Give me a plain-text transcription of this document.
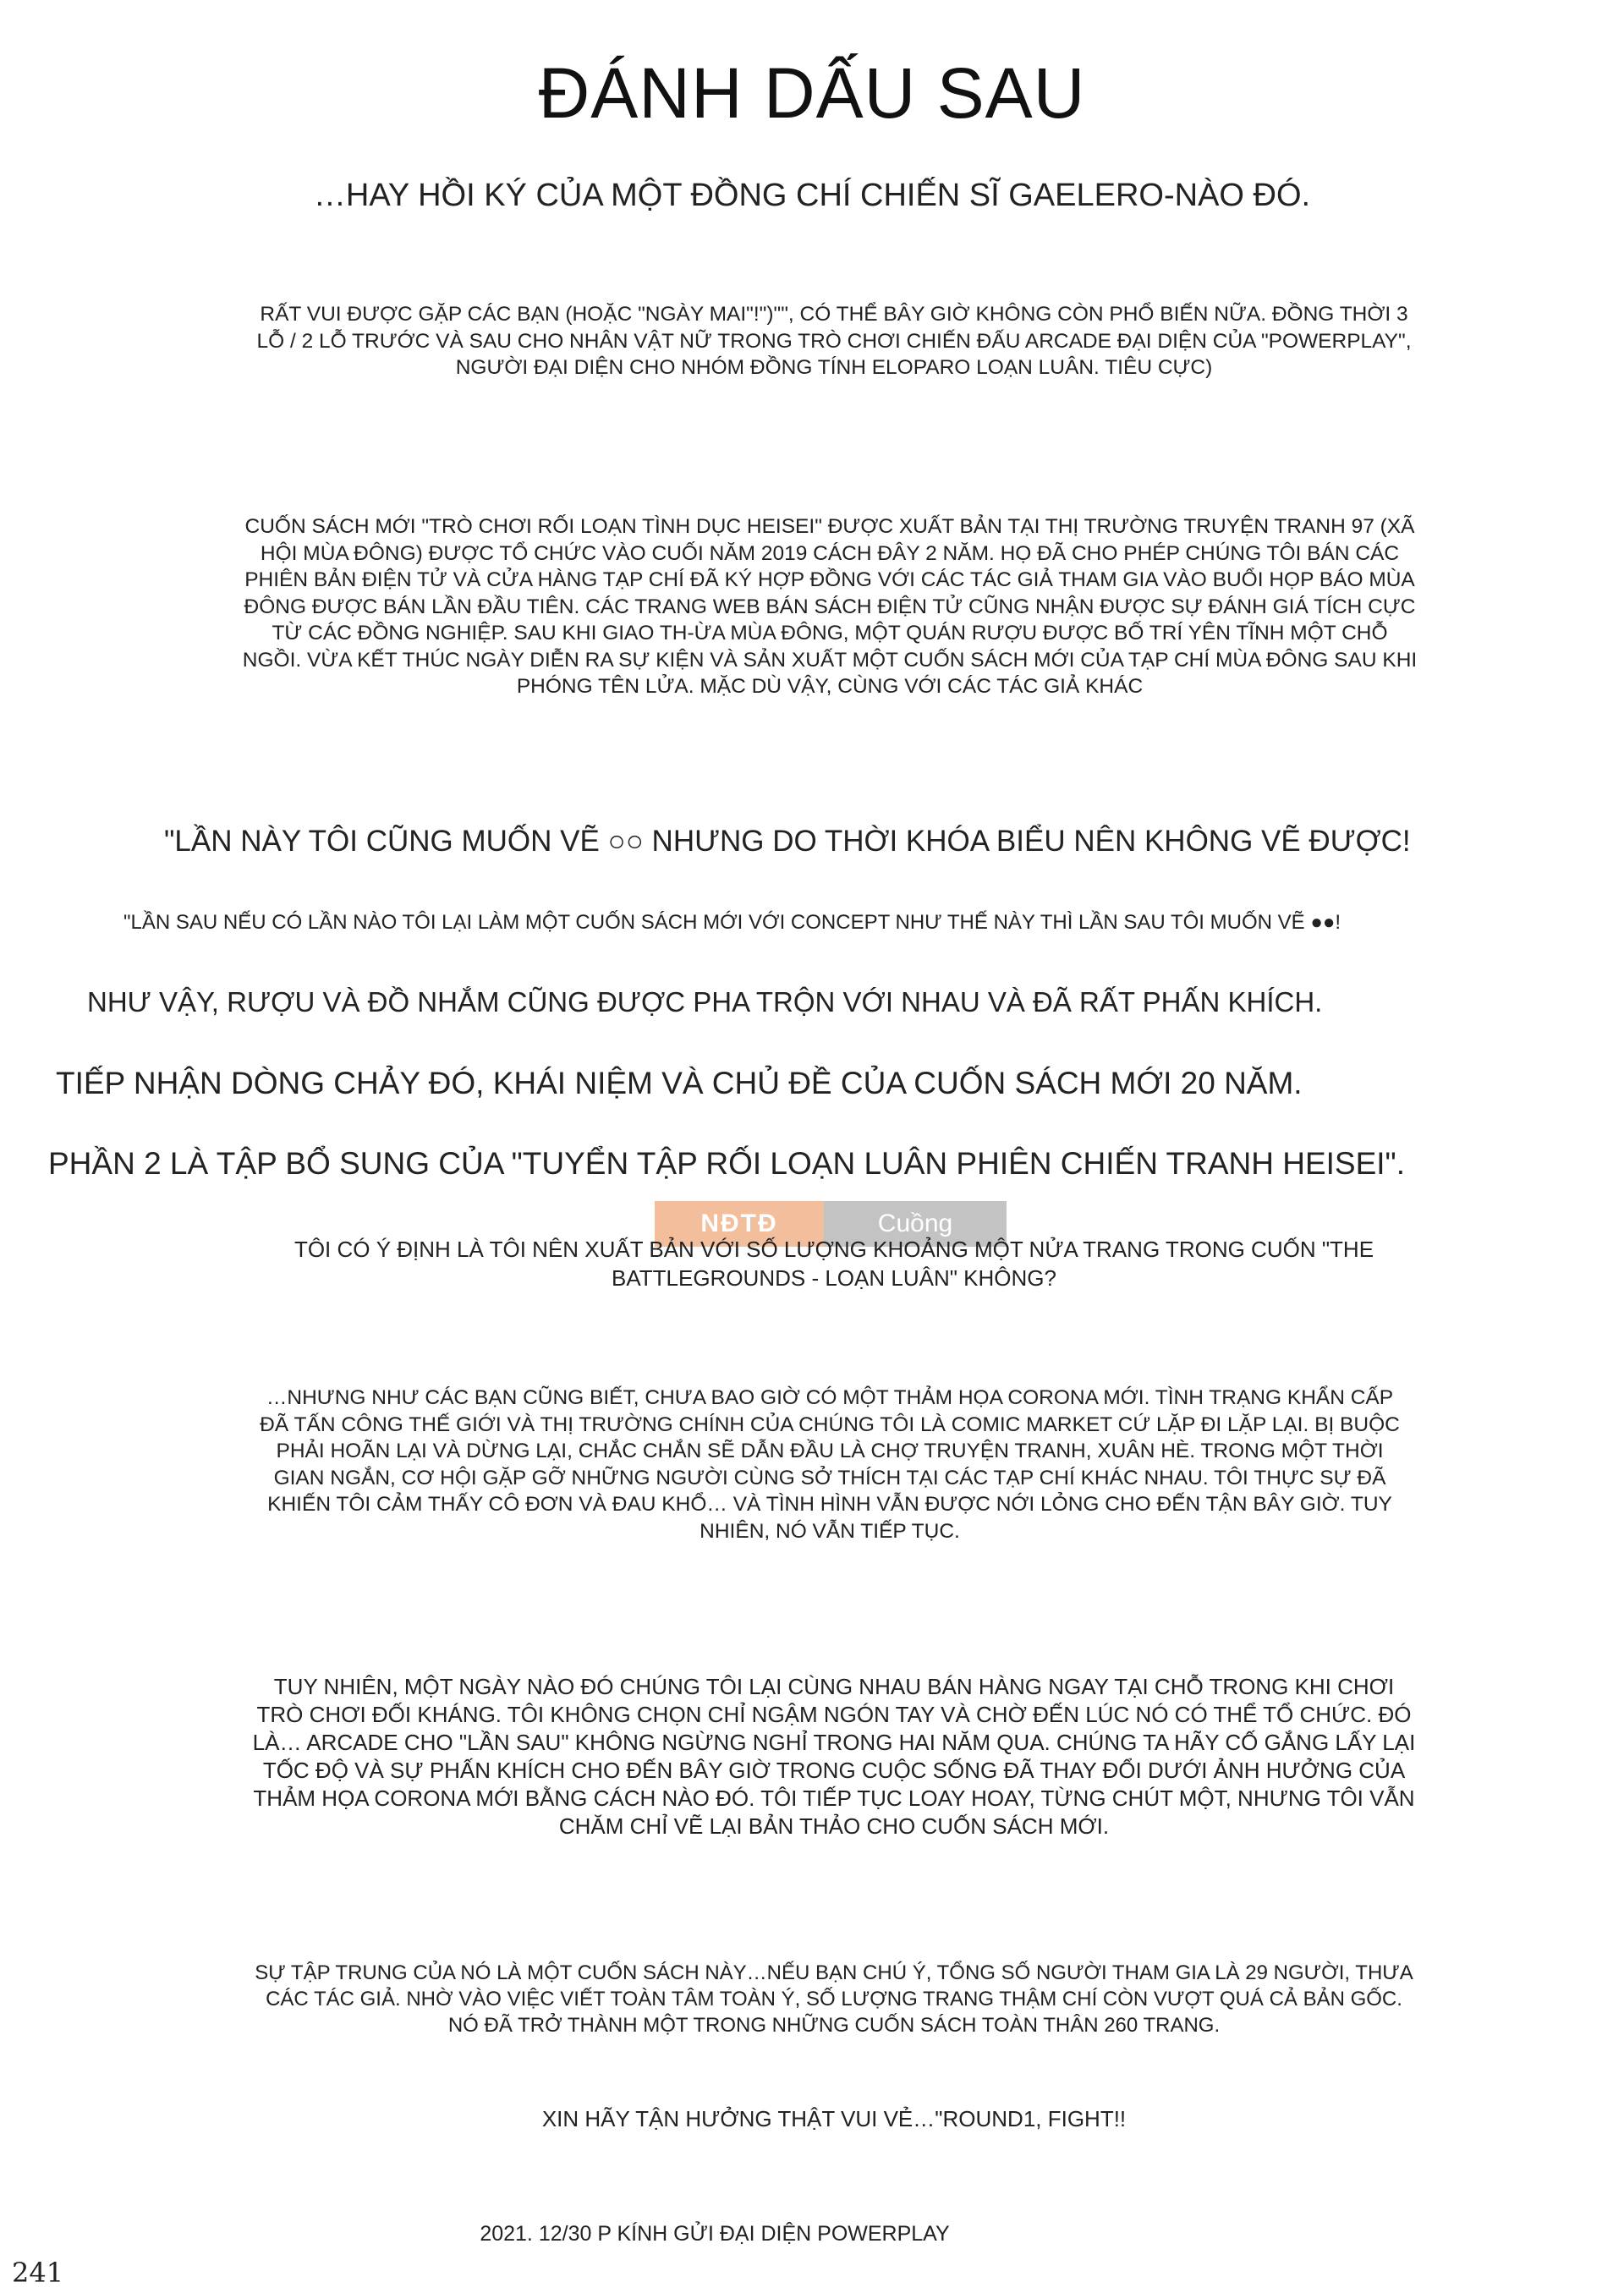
ĐÁNH DẤU SAU
…HAY HỒI KÝ CỦA MỘT ĐỒNG CHÍ CHIẾN SĨ GAELERO-NÀO ĐÓ.
RẤT VUI ĐƯỢC GẶP CÁC BẠN (HOẶC "NGÀY MAI"!")"", CÓ THỂ BÂY GIỜ KHÔNG CÒN PHỔ BIẾN NỮA. ĐỒNG THỜI 3 LỖ / 2 LỖ TRƯỚC VÀ SAU CHO NHÂN VẬT NỮ TRONG TRÒ CHƠI CHIẾN ĐẤU ARCADE ĐẠI DIỆN CỦA "POWERPLAY", NGƯỜI ĐẠI DIỆN CHO NHÓM ĐỒNG TÍNH ELOPARO LOẠN LUÂN. TIÊU CỰC)
CUỐN SÁCH MỚI "TRÒ CHƠI RỐI LOẠN TÌNH DỤC HEISEI" ĐƯỢC XUẤT BẢN TẠI THỊ TRƯỜNG TRUYỆN TRANH 97 (XÃ HỘI MÙA ĐÔNG) ĐƯỢC TỔ CHỨC VÀO CUỐI NĂM 2019 CÁCH ĐÂY 2 NĂM. HỌ ĐÃ CHO PHÉP CHÚNG TÔI BÁN CÁC PHIÊN BẢN ĐIỆN TỬ VÀ CỬA HÀNG TẠP CHÍ ĐÃ KÝ HỢP ĐỒNG VỚI CÁC TÁC GIẢ THAM GIA VÀO BUỔI HỌP BÁO MÙA ĐÔNG ĐƯỢC BÁN LẦN ĐẦU TIÊN. CÁC TRANG WEB BÁN SÁCH ĐIỆN TỬ CŨNG NHẬN ĐƯỢC SỰ ĐÁNH GIÁ TÍCH CỰC TỪ CÁC ĐỒNG NGHIỆP. SAU KHI GIAO TH-ỪA MÙA ĐÔNG, MỘT QUÁN RƯỢU ĐƯỢC BỐ TRÍ YÊN TĨNH MỘT CHỖ NGỒI. VỪA KẾT THÚC NGÀY DIỄN RA SỰ KIỆN VÀ SẢN XUẤT MỘT CUỐN SÁCH MỚI CỦA TẠP CHÍ MÙA ĐÔNG SAU KHI PHÓNG TÊN LỬA. MẶC DÙ VẬY, CÙNG VỚI CÁC TÁC GIẢ KHÁC
"LẦN NÀY TÔI CŨNG MUỐN VẼ ○○ NHƯNG DO THỜI KHÓA BIỂU NÊN KHÔNG VẼ ĐƯỢC!
"LẦN SAU NẾU CÓ LẦN NÀO TÔI LẠI LÀM MỘT CUỐN SÁCH MỚI VỚI CONCEPT NHƯ THẾ NÀY THÌ LẦN SAU TÔI MUỐN VẼ ●●!
NHƯ VẬY, RƯỢU VÀ ĐỒ NHẮM CŨNG ĐƯỢC PHA TRỘN VỚI NHAU VÀ ĐÃ RẤT PHẤN KHÍCH.
TIẾP NHẬN DÒNG CHẢY ĐÓ, KHÁI NIỆM VÀ CHỦ ĐỀ CỦA CUỐN SÁCH MỚI 20 NĂM.
PHẦN 2 LÀ TẬP BỔ SUNG CỦA "TUYỂN TẬP RỐI LOẠN LUÂN PHIÊN CHIẾN TRANH HEISEI".
NĐTĐ	Cuồng
TÔI CÓ Ý ĐỊNH LÀ TÔI NÊN XUẤT BẢN VỚI SỐ LƯỢNG KHOẢNG MỘT NỬA TRANG TRONG CUỐN "THE BATTLEGROUNDS - LOẠN LUÂN" KHÔNG?
…NHƯNG NHƯ CÁC BẠN CŨNG BIẾT, CHƯA BAO GIỜ CÓ MỘT THẢM HỌA CORONA MỚI. TÌNH TRẠNG KHẨN CẤP ĐÃ TẤN CÔNG THẾ GIỚI VÀ THỊ TRƯỜNG CHÍNH CỦA CHÚNG TÔI LÀ COMIC MARKET CỨ LẶP ĐI LẶP LẠI. BỊ BUỘC PHẢI HOÃN LẠI VÀ DỪNG LẠI, CHẮC CHẮN SẼ DẪN ĐẦU LÀ CHỢ TRUYỆN TRANH, XUÂN HÈ. TRONG MỘT THỜI GIAN NGẮN, CƠ HỘI GẶP GỠ NHỮNG NGƯỜI CÙNG SỞ THÍCH TẠI CÁC TẠP CHÍ KHÁC NHAU. TÔI THỰC SỰ ĐÃ KHIẾN TÔI CẢM THẤY CÔ ĐƠN VÀ ĐAU KHỔ… VÀ TÌNH HÌNH VẪN ĐƯỢC NỚI LỎNG CHO ĐẾN TẬN BÂY GIỜ. TUY NHIÊN, NÓ VẪN TIẾP TỤC.
TUY NHIÊN, MỘT NGÀY NÀO ĐÓ CHÚNG TÔI LẠI CÙNG NHAU BÁN HÀNG NGAY TẠI CHỖ TRONG KHI CHƠI TRÒ CHƠI ĐỐI KHÁNG. TÔI KHÔNG CHỌN CHỈ NGẬM NGÓN TAY VÀ CHỜ ĐẾN LÚC NÓ CÓ THỂ TỔ CHỨC. ĐÓ LÀ… ARCADE CHO "LẦN SAU" KHÔNG NGỪNG NGHỈ TRONG HAI NĂM QUA. CHÚNG TA HÃY CỐ GẮNG LẤY LẠI TỐC ĐỘ VÀ SỰ PHẤN KHÍCH CHO ĐẾN BÂY GIỜ TRONG CUỘC SỐNG ĐÃ THAY ĐỔI DƯỚI ẢNH HƯỞNG CỦA THẢM HỌA CORONA MỚI BẰNG CÁCH NÀO ĐÓ. TÔI TIẾP TỤC LOAY HOAY, TỪNG CHÚT MỘT, NHƯNG TÔI VẪN CHĂM CHỈ VẼ LẠI BẢN THẢO CHO CUỐN SÁCH MỚI.
SỰ TẬP TRUNG CỦA NÓ LÀ MỘT CUỐN SÁCH NÀY…NẾU BẠN CHÚ Ý, TỔNG SỐ NGƯỜI THAM GIA LÀ 29 NGƯỜI, THƯA CÁC TÁC GIẢ. NHỜ VÀO VIỆC VIẾT TOÀN TÂM TOÀN Ý, SỐ LƯỢNG TRANG THẬM CHÍ CÒN VƯỢT QUÁ CẢ BẢN GỐC. NÓ ĐÃ TRỞ THÀNH MỘT TRONG NHỮNG CUỐN SÁCH TOÀN THÂN 260 TRANG.
XIN HÃY TẬN HƯỞNG THẬT VUI VẺ…"ROUND1, FIGHT!!
2021. 12/30 P KÍNH GỬI ĐẠI DIỆN POWERPLAY
241
